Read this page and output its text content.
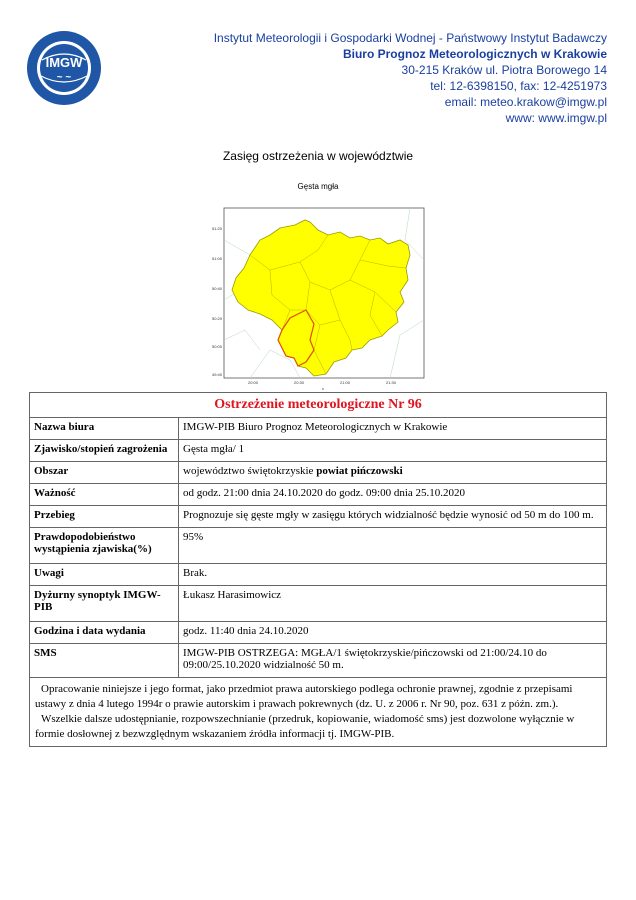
IMGW
~ ~
Instytut Meteorologii i Gospodarki Wodnej - Państwowy Instytut Badawczy
Biuro Prognoz Meteorologicznych w Krakowie
30-215 Kraków ul. Piotra Borowego 14
tel: 12-6398150, fax: 12-4251973
email: meteo.krakow@imgw.pl
www: www.imgw.pl
Zasięg ostrzeżenia w województwie
Gęsta mgła
51:20
51:00
50:40
50:20
50:00
49:40
20:00	20:30	21:00	21:30
x
Ostrzeżenie meteorologiczne Nr 96	
Nazwa biura	IMGW-PIB Biuro Prognoz Meteorologicznych w Krakowie
Zjawisko/stopień zagrożenia	Gęsta mgła/ 1
Obszar	województwo świętokrzyskie powiat pińczowski
Ważność	od godz. 21:00 dnia 24.10.2020 do godz. 09:00 dnia 25.10.2020
Przebieg	Prognozuje się gęste mgły w zasięgu których widzialność będzie wynosić od 50 m do 100 m.
Prawdopodobieństwo wystąpienia zjawiska(%)	95%
Uwagi	Brak.
Dyżurny synoptyk IMGW-PIB	Łukasz Harasimowicz
Godzina i data wydania	godz. 11:40 dnia 24.10.2020
SMS	IMGW-PIB OSTRZEGA: MGŁA/1 świętokrzyskie/pińczowski od 21:00/24.10 do 09:00/25.10.2020 widzialność 50 m.

Opracowanie niniejsze i jego format, jako przedmiot prawa autorskiego podlega ochronie prawnej, zgodnie z przepisami ustawy z dnia 4 lutego 1994r o prawie autorskim i prawach pokrewnych (dz. U. z 2006 r. Nr 90, poz. 631 z późn. zm.).
Wszelkie dalsze udostępnianie, rozpowszechnianie (przedruk, kopiowanie, wiadomość sms) jest dozwolone wyłącznie w formie dosłownej z bezwzględnym wskazaniem źródła informacji tj. IMGW-PIB.	
